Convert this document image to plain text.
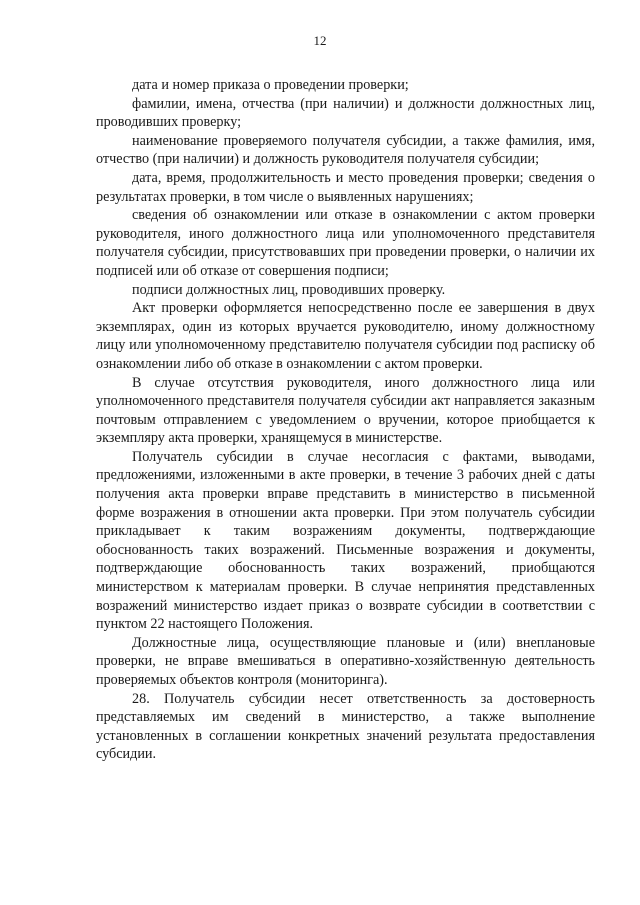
12

дата и номер приказа о проведении проверки;

фамилии, имена, отчества (при наличии) и должности должностных лиц, проводивших проверку;

наименование проверяемого получателя субсидии, а также фамилия, имя, отчество (при наличии) и должность руководителя получателя субсидии;

дата, время, продолжительность и место проведения проверки; сведения о результатах проверки, в том числе о выявленных нарушениях;

сведения об ознакомлении или отказе в ознакомлении с актом проверки руководителя, иного должностного лица или уполномоченного представителя получателя субсидии, присутствовавших при проведении проверки, о наличии их подписей или об отказе от совершения подписи;

подписи должностных лиц, проводивших проверку.

Акт проверки оформляется непосредственно после ее завершения в двух экземплярах, один из которых вручается руководителю, иному должностному лицу или уполномоченному представителю получателя субсидии под расписку об ознакомлении либо об отказе в ознакомлении с актом проверки.

В случае отсутствия руководителя, иного должностного лица или уполномоченного представителя получателя субсидии акт направляется заказным почтовым отправлением с уведомлением о вручении, которое приобщается к экземпляру акта проверки, хранящемуся в министерстве.

Получатель субсидии в случае несогласия с фактами, выводами, предложениями, изложенными в акте проверки, в течение 3 рабочих дней с даты получения акта проверки вправе представить в министерство в письменной форме возражения в отношении акта проверки. При этом получатель субсидии прикладывает к таким возражениям документы, подтверждающие обоснованность таких возражений. Письменные возражения и документы, подтверждающие обоснованность таких возражений, приобщаются министерством к материалам проверки. В случае непринятия представленных возражений министерство издает приказ о возврате субсидии в соответствии с пунктом 22 настоящего Положения.

Должностные лица, осуществляющие плановые и (или) внеплановые проверки, не вправе вмешиваться в оперативно-хозяйственную деятельность проверяемых объектов контроля (мониторинга).

28. Получатель субсидии несет ответственность за достоверность представляемых им сведений в министерство, а также выполнение установленных в соглашении конкретных значений результата предоставления субсидии.
